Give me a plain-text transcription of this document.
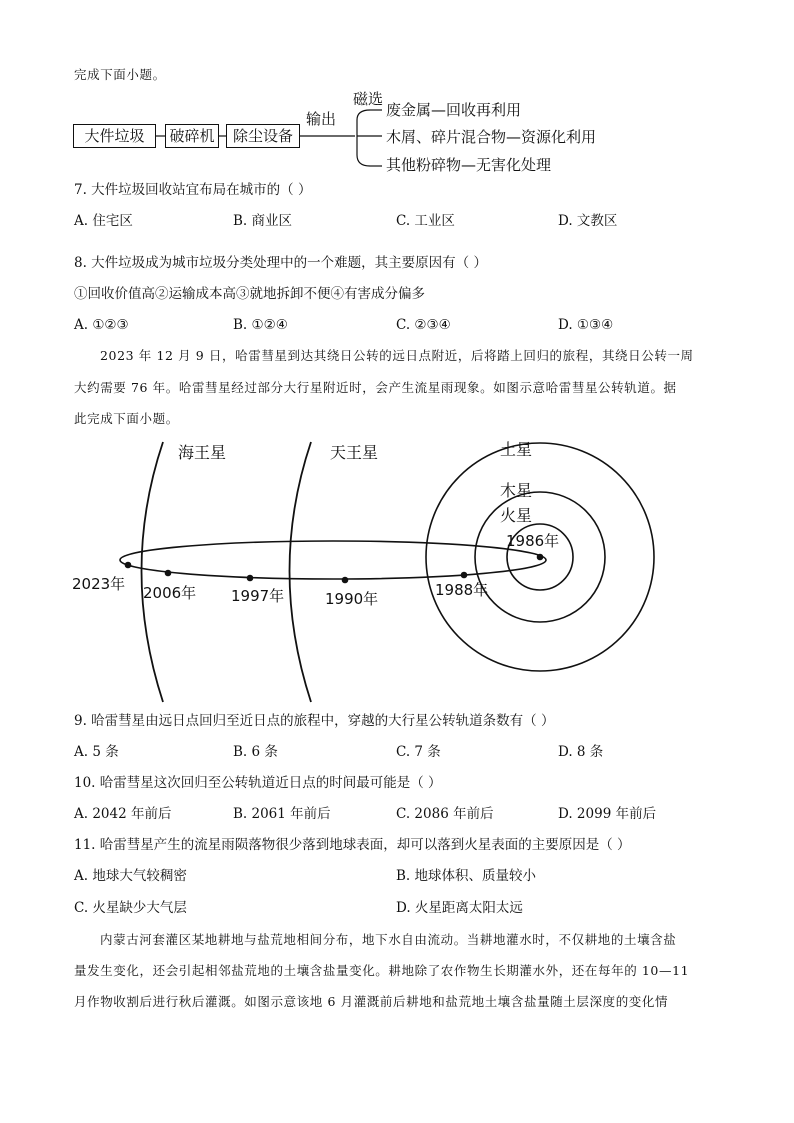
完成下面小题。
大件垃圾	破碎机	除尘设备
输出
磁选
废金属—回收再利用
木屑、碎片混合物—资源化利用
其他粉碎物—无害化处理
7. 大件垃圾回收站宜布局在城市的（ ）
A. 住宅区	B. 商业区	C. 工业区	D. 文教区
8. 大件垃圾成为城市垃圾分类处理中的一个难题，其主要原因有（ ）
①回收价值高②运输成本高③就地拆卸不便④有害成分偏多
A. ①②③	B. ①②④	C. ②③④	D. ①③④
2023 年 12 月 9 日，哈雷彗星到达其绕日公转的远日点附近，后将踏上回归的旅程，其绕日公转一周
大约需要 76 年。哈雷彗星经过部分大行星附近时，会产生流星雨现象。如图示意哈雷彗星公转轨道。据
此完成下面小题。
海王星	天王星	土星
木星
火星
2023年 2006年 1997年	1990年	1988年
1986年
9. 哈雷彗星由远日点回归至近日点的旅程中，穿越的大行星公转轨道条数有（ ）
A. 5 条	B. 6 条	C. 7 条	D. 8 条
10. 哈雷彗星这次回归至公转轨道近日点的时间最可能是（ ）
A. 2042 年前后	B. 2061 年前后	C. 2086 年前后	D. 2099 年前后
11. 哈雷彗星产生的流星雨陨落物很少落到地球表面，却可以落到火星表面的主要原因是（ ）
A. 地球大气较稠密	B. 地球体积、质量较小
C. 火星缺少大气层	D. 火星距离太阳太远
内蒙古河套灌区某地耕地与盐荒地相间分布，地下水自由流动。当耕地灌水时，不仅耕地的土壤含盐
量发生变化，还会引起相邻盐荒地的土壤含盐量变化。耕地除了农作物生长期灌水外，还在每年的 10—11
月作物收割后进行秋后灌溉。如图示意该地 6 月灌溉前后耕地和盐荒地土壤含盐量随土层深度的变化情
